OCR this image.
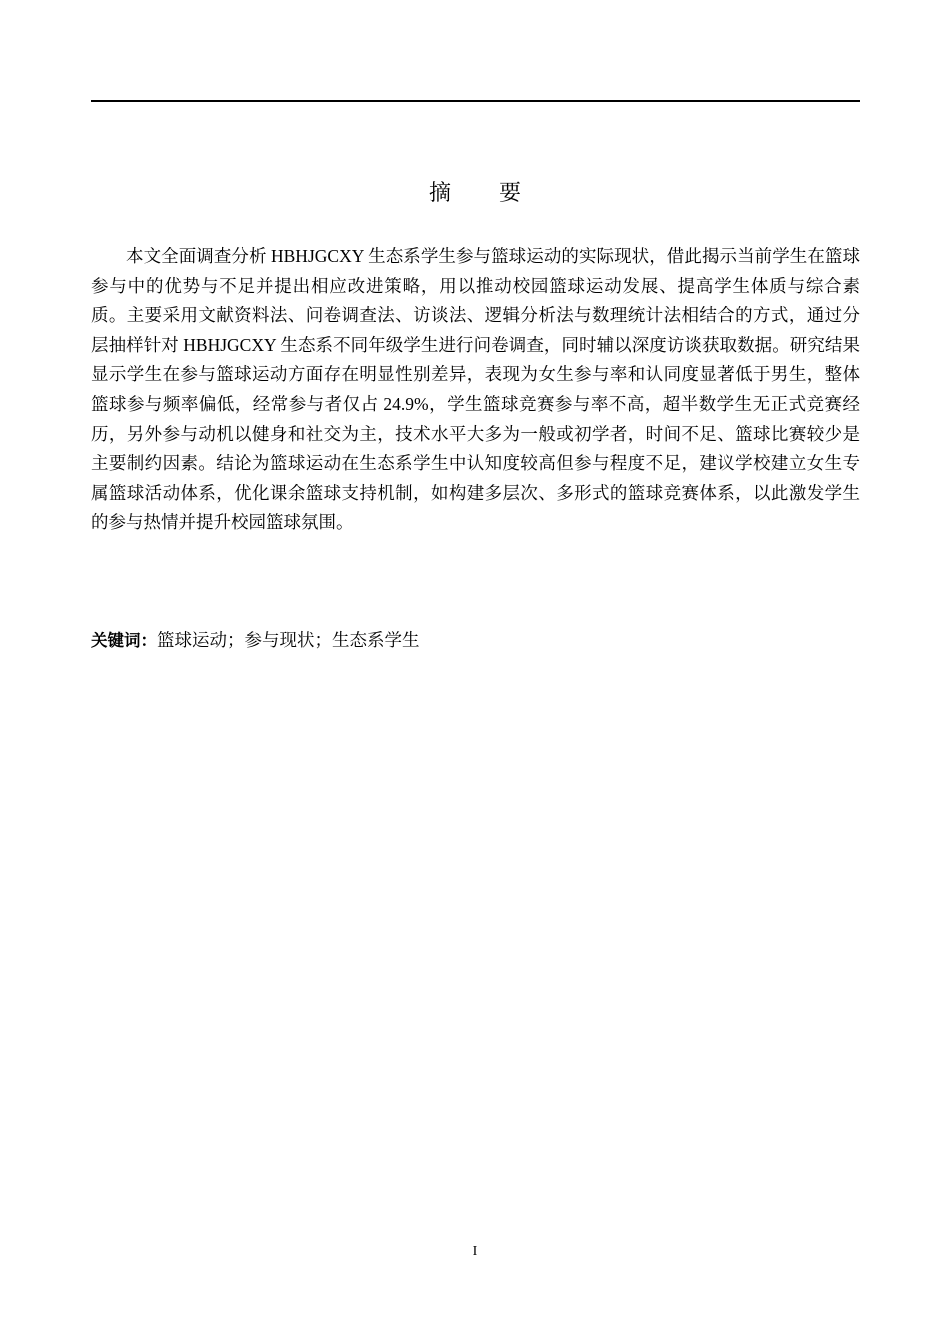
摘 要

本文全面调查分析 HBHJGCXY 生态系学生参与篮球运动的实际现状，借此揭示当前学生在篮球参与中的优势与不足并提出相应改进策略，用以推动校园篮球运动发展、提高学生体质与综合素质。主要采用文献资料法、问卷调查法、访谈法、逻辑分析法与数理统计法相结合的方式，通过分层抽样针对 HBHJGCXY 生态系不同年级学生进行问卷调查，同时辅以深度访谈获取数据。研究结果显示学生在参与篮球运动方面存在明显性别差异，表现为女生参与率和认同度显著低于男生，整体篮球参与频率偏低，经常参与者仅占 24.9%，学生篮球竞赛参与率不高，超半数学生无正式竞赛经历，另外参与动机以健身和社交为主，技术水平大多为一般或初学者，时间不足、篮球比赛较少是主要制约因素。结论为篮球运动在生态系学生中认知度较高但参与程度不足，建议学校建立女生专属篮球活动体系，优化课余篮球支持机制，如构建多层次、多形式的篮球竞赛体系，以此激发学生的参与热情并提升校园篮球氛围。

关键词：篮球运动；参与现状；生态系学生

I
